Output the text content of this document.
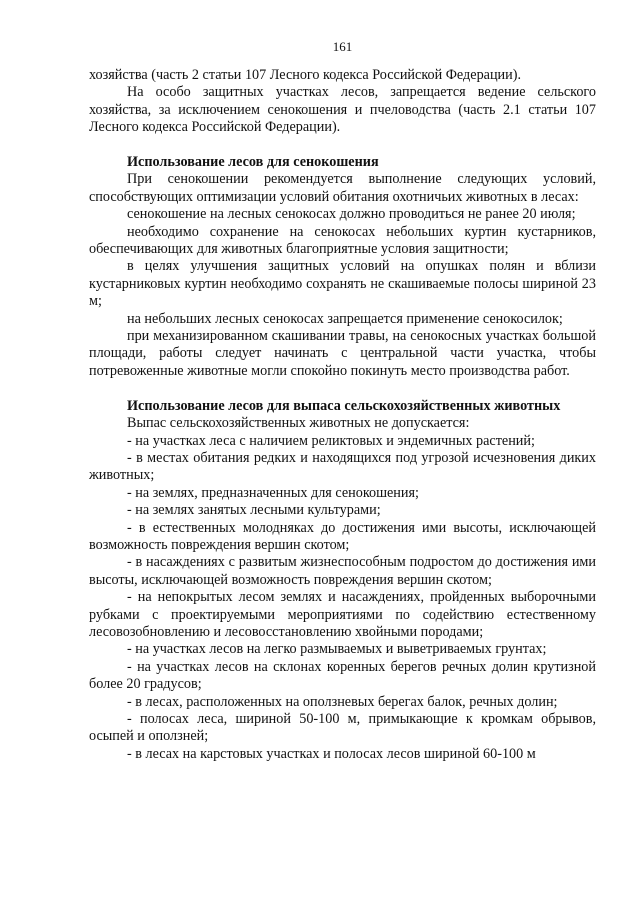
161

хозяйства (часть 2 статьи 107 Лесного кодекса Российской Федерации).

На особо защитных участках лесов, запрещается ведение сельского хозяйства, за исключением сенокошения и пчеловодства (часть 2.1 статьи 107 Лесного кодекса Российской Федерации).

Использование лесов для сенокошения

При сенокошении рекомендуется выполнение следующих условий, способствующих оптимизации условий обитания охотничьих животных в лесах:

сенокошение на лесных сенокосах должно проводиться не ранее 20 июля;

необходимо сохранение на сенокосах небольших куртин кустарников, обеспечивающих для животных благоприятные условия защитности;

в целях улучшения защитных условий на опушках полян и вблизи кустарниковых куртин необходимо сохранять не скашиваемые полосы шириной 23 м;

на небольших лесных сенокосах запрещается применение сенокосилок;

при механизированном скашивании травы, на сенокосных участках большой площади, работы следует начинать с центральной части участка, чтобы потревоженные животные могли спокойно покинуть место производства работ.

Использование лесов для выпаса сельскохозяйственных животных

Выпас сельскохозяйственных животных не допускается:

- на участках леса с наличием реликтовых и эндемичных растений;

- в местах обитания редких и находящихся под угрозой исчезновения диких животных;

- на землях, предназначенных для сенокошения;

- на землях занятых лесными культурами;

- в естественных молодняках до достижения ими высоты, исключающей возможность повреждения вершин скотом;

- в насаждениях с развитым жизнеспособным подростом до достижения ими высоты, исключающей возможность повреждения вершин скотом;

- на непокрытых лесом землях и насаждениях, пройденных выборочными рубками с проектируемыми мероприятиями по содействию естественному лесовозобновлению и лесовосстановлению хвойными породами;

- на участках лесов на легко размываемых и выветриваемых грунтах;

- на участках лесов на склонах коренных берегов речных долин крутизной более 20 градусов;

- в лесах, расположенных на оползневых берегах балок, речных долин;

- полосах леса, шириной 50-100 м, примыкающие к кромкам обрывов, осыпей и оползней;

- в лесах на карстовых участках и полосах лесов шириной 60-100 м
